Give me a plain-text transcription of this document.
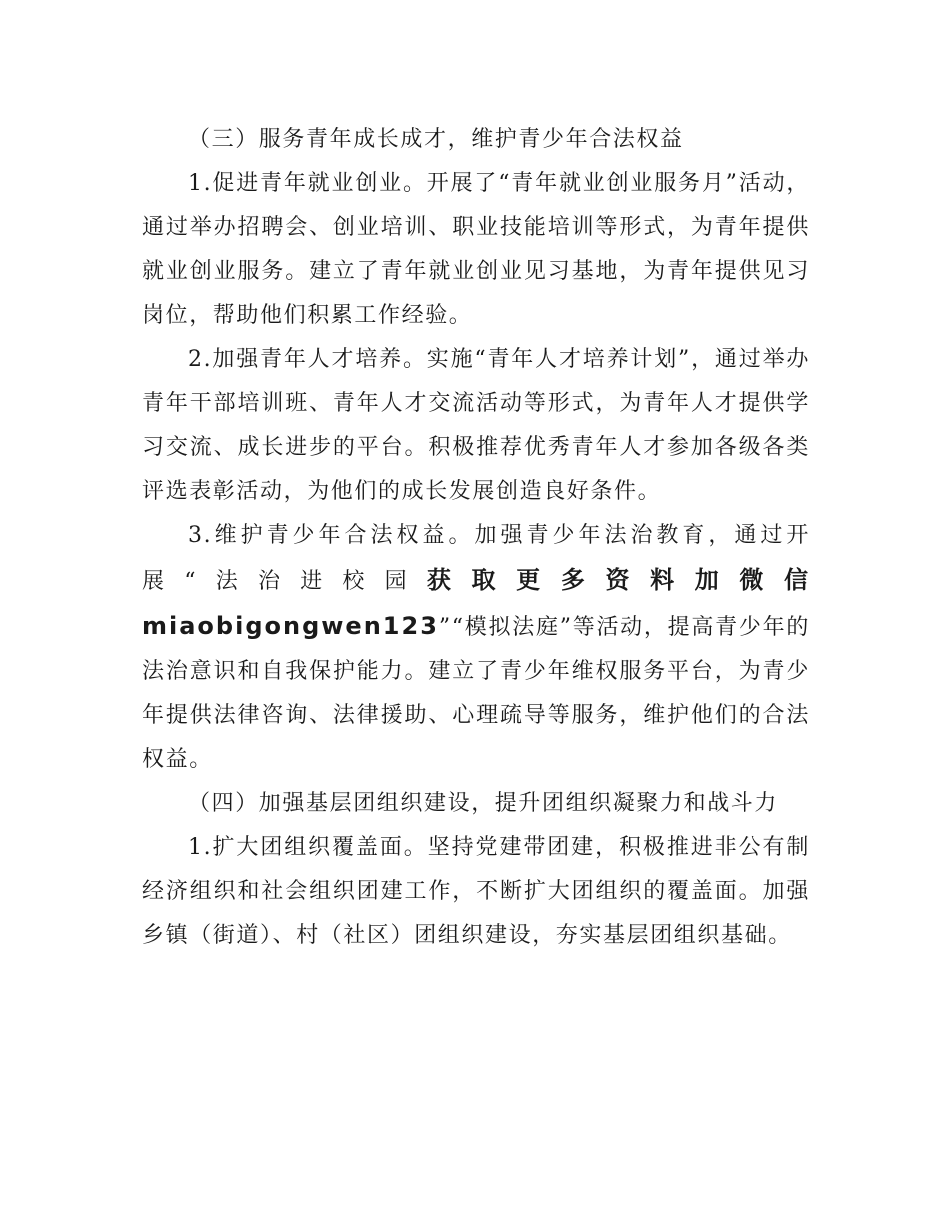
（三）服务青年成长成才，维护青少年合法权益

1.促进青年就业创业。开展了“青年就业创业服务月”活动，通过举办招聘会、创业培训、职业技能培训等形式，为青年提供就业创业服务。建立了青年就业创业见习基地，为青年提供见习岗位，帮助他们积累工作经验。

2.加强青年人才培养。实施“青年人才培养计划”，通过举办青年干部培训班、青年人才交流活动等形式，为青年人才提供学习交流、成长进步的平台。积极推荐优秀青年人才参加各级各类评选表彰活动，为他们的成长发展创造良好条件。

3.维护青少年合法权益。加强青少年法治教育，通过开展“法治进校园获取更多资料加微信miaobigongwen123”“模拟法庭”等活动，提高青少年的法治意识和自我保护能力。建立了青少年维权服务平台，为青少年提供法律咨询、法律援助、心理疏导等服务，维护他们的合法权益。

（四）加强基层团组织建设，提升团组织凝聚力和战斗力

1.扩大团组织覆盖面。坚持党建带团建，积极推进非公有制经济组织和社会组织团建工作，不断扩大团组织的覆盖面。加强乡镇（街道）、村（社区）团组织建设，夯实基层团组织基础。
